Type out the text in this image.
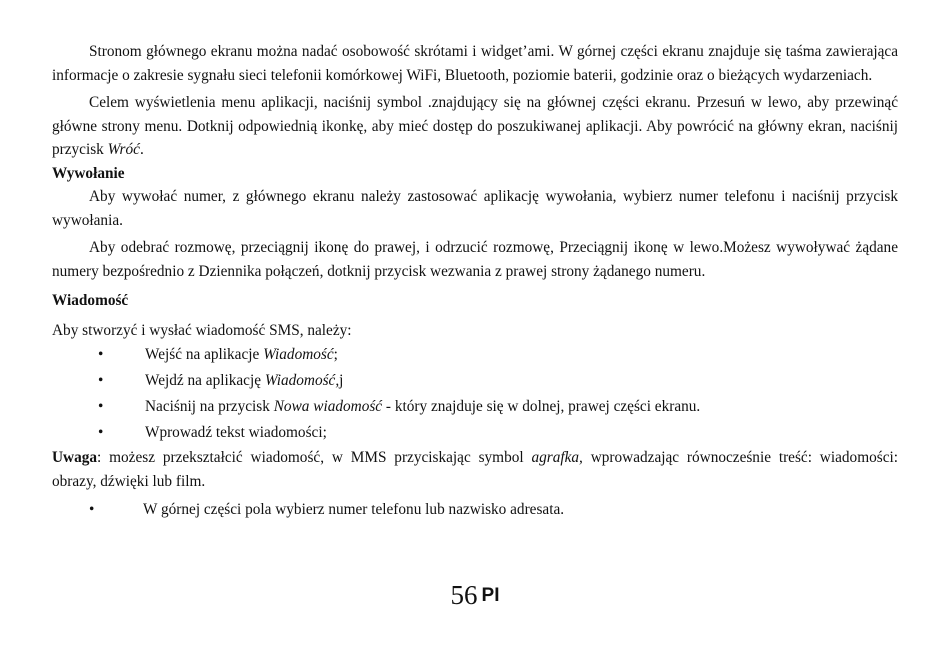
Stronom głównego ekranu można nadać osobowość skrótami i widget’ami. W górnej części ekranu znajduje się taśma zawierająca informacje o zakresie sygnału sieci telefonii komórkowej WiFi, Bluetooth, poziomie baterii, godzinie oraz o bieżących wydarzeniach.

Celem wyświetlenia menu aplikacji, naciśnij symbol .znajdujący się na głównej części ekranu. Przesuń w lewo, aby przewinąć główne strony menu. Dotknij odpowiednią ikonkę, aby mieć dostęp do poszukiwanej aplikacji. Aby powrócić na główny ekran, naciśnij przycisk Wróć.

Wywołanie

Aby wywołać numer, z głównego ekranu należy zastosować aplikację wywołania, wybierz numer telefonu i naciśnij przycisk wywołania.

Aby odebrać rozmowę, przeciągnij ikonę do prawej, i odrzucić rozmowę, Przeciągnij ikonę w lewo.Możesz wywoływać żądane numery bezpośrednio z Dziennika połączeń, dotknij przycisk wezwania z prawej strony żądanego numeru.

Wiadomość

Aby stworzyć i wysłać wiadomość SMS, należy:

•	Wejść na aplikacje Wiadomość;
•	Wejdź na aplikację Wiadomość,j
•	Naciśnij na przycisk Nowa wiadomość - który znajduje się w dolnej, prawej części ekranu.
•	Wprowadź tekst wiadomości;

Uwaga: możesz przekształcić wiadomość, w MMS przyciskając symbol agrafka, wprowadzając równocześnie treść: wiadomości: obrazy, dźwięki lub film.

•	W górnej części pola wybierz numer telefonu lub nazwisko adresata.
56 PI
